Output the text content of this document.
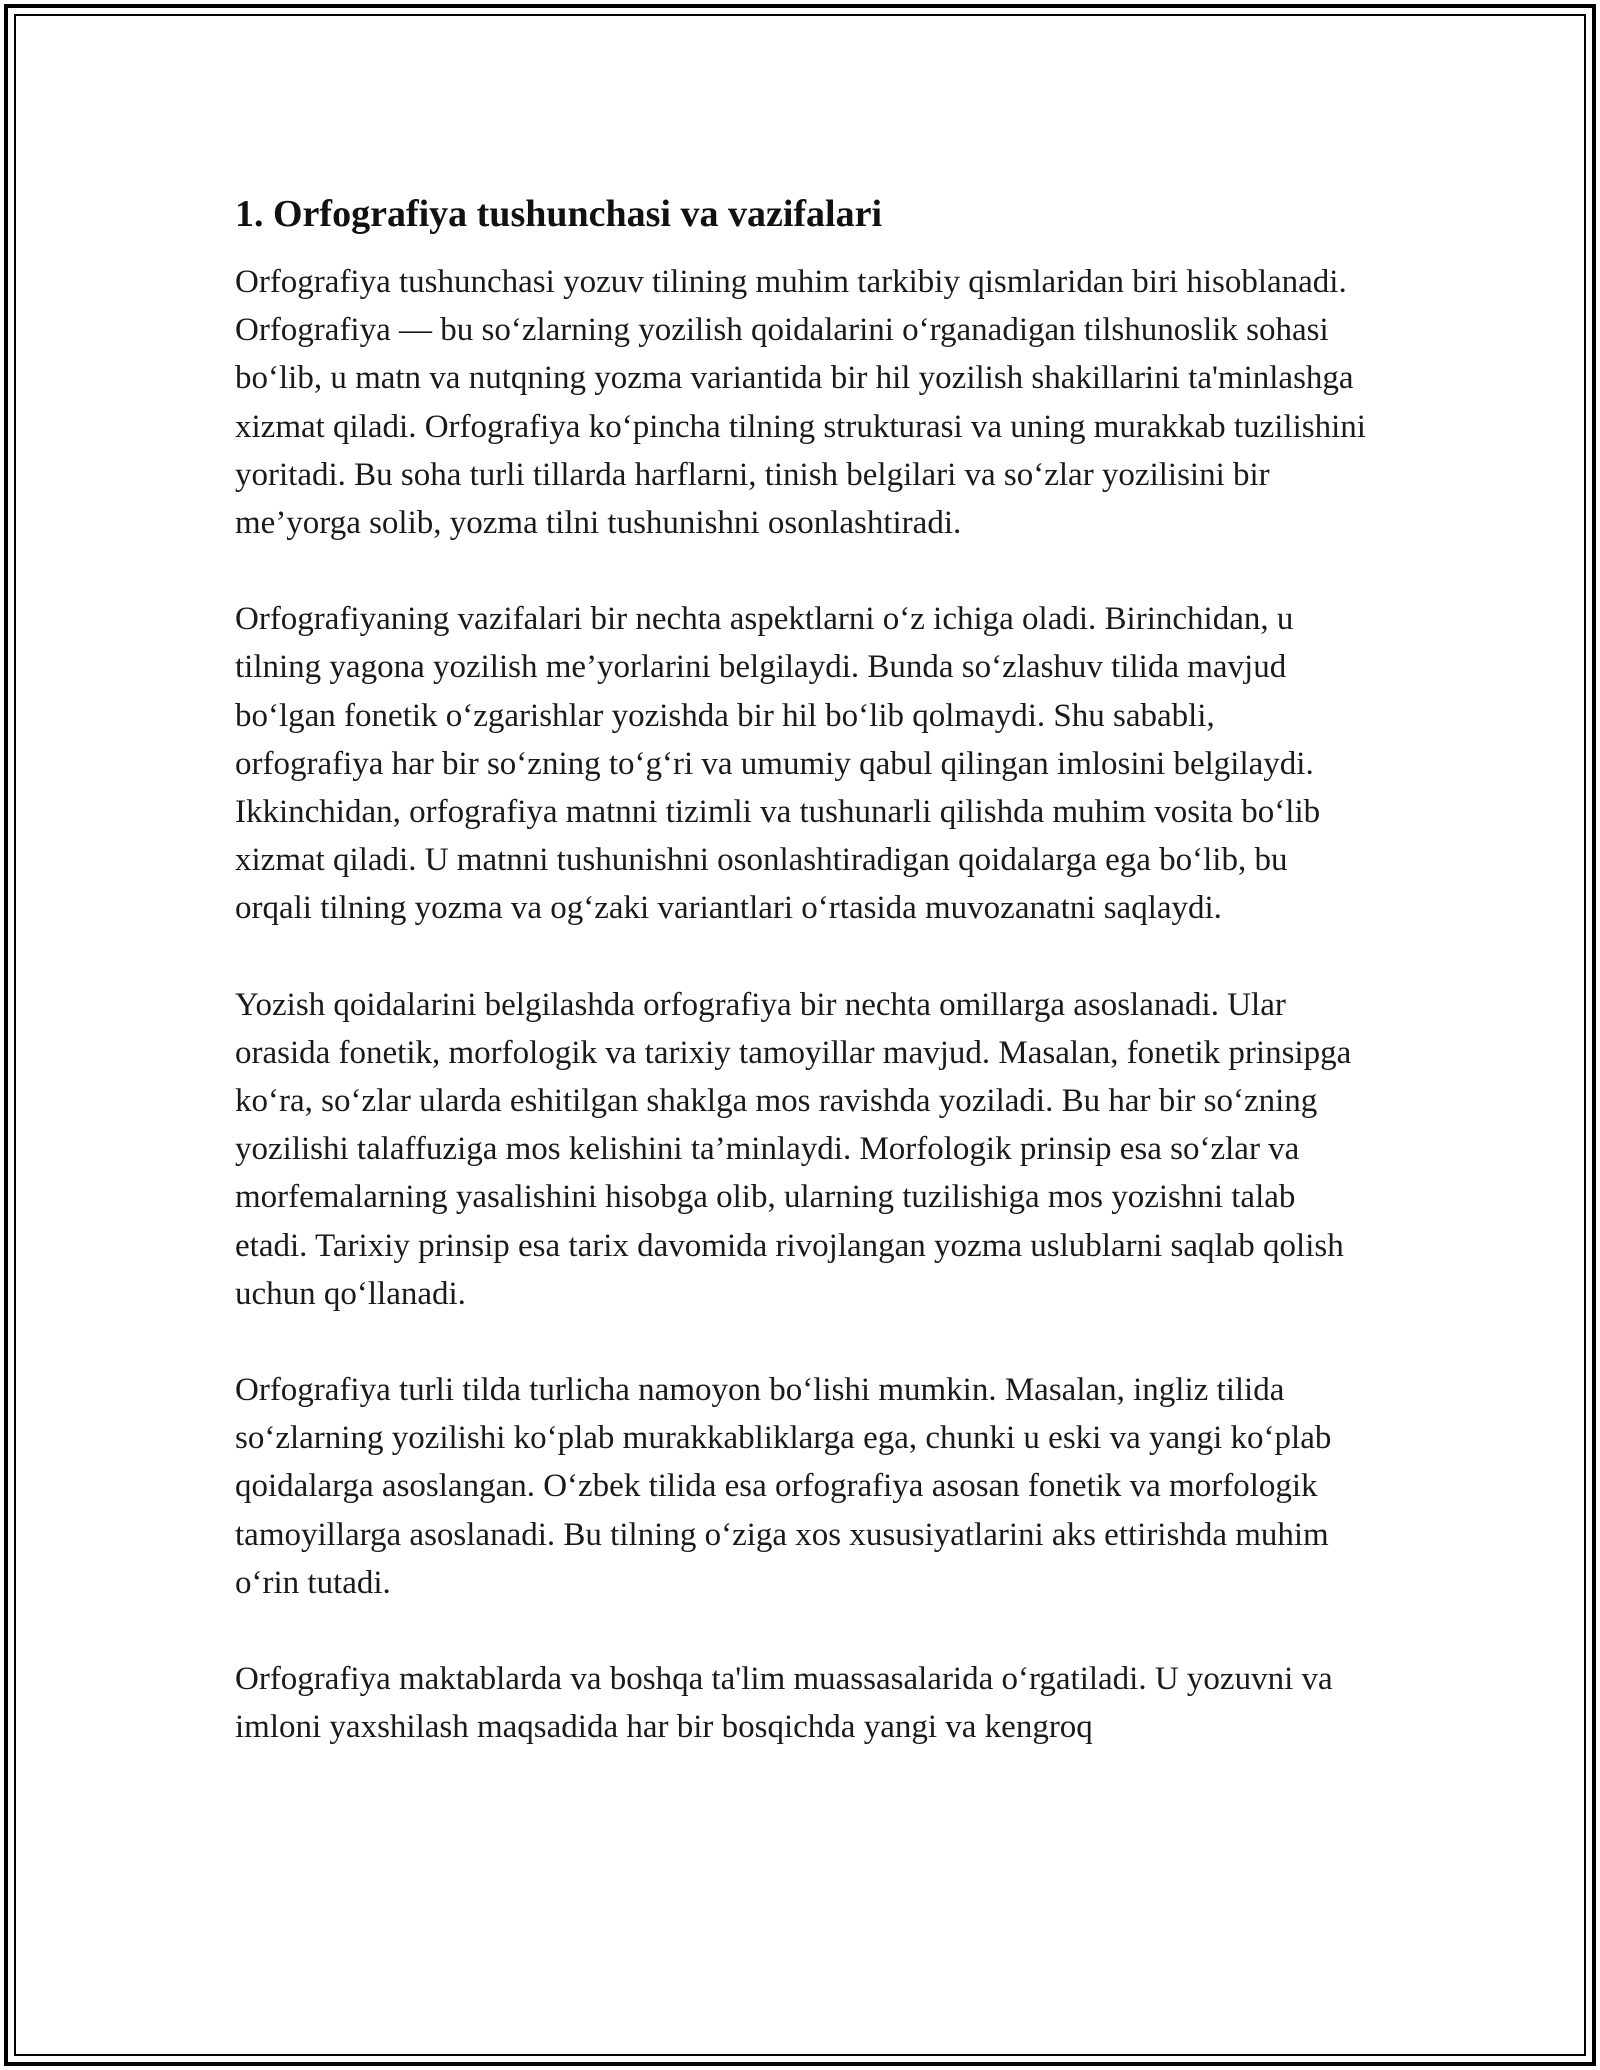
1. Orfografiya tushunchasi va vazifalari

Orfografiya tushunchasi yozuv tilining muhim tarkibiy qismlaridan biri hisoblanadi. Orfografiya — bu so‘zlarning yozilish qoidalarini o‘rganadigan tilshunoslik sohasi bo‘lib, u matn va nutqning yozma variantida bir hil yozilish shakillarini ta'minlashga xizmat qiladi. Orfografiya ko‘pincha tilning strukturasi va uning murakkab tuzilishini yoritadi. Bu soha turli tillarda harflarni, tinish belgilari va so‘zlar yozilisini bir me’yorga solib, yozma tilni tushunishni osonlashtiradi.

Orfografiyaning vazifalari bir nechta aspektlarni o‘z ichiga oladi. Birinchidan, u tilning yagona yozilish me’yorlarini belgilaydi. Bunda so‘zlashuv tilida mavjud bo‘lgan fonetik o‘zgarishlar yozishda bir hil bo‘lib qolmaydi. Shu sababli, orfografiya har bir so‘zning to‘g‘ri va umumiy qabul qilingan imlosini belgilaydi. Ikkinchidan, orfografiya matnni tizimli va tushunarli qilishda muhim vosita bo‘lib xizmat qiladi. U matnni tushunishni osonlashtiradigan qoidalarga ega bo‘lib, bu orqali tilning yozma va og‘zaki variantlari o‘rtasida muvozanatni saqlaydi.

Yozish qoidalarini belgilashda orfografiya bir nechta omillarga asoslanadi. Ular orasida fonetik, morfologik va tarixiy tamoyillar mavjud. Masalan, fonetik prinsipga ko‘ra, so‘zlar ularda eshitilgan shaklga mos ravishda yoziladi. Bu har bir so‘zning yozilishi talaffuziga mos kelishini ta’minlaydi. Morfologik prinsip esa so‘zlar va morfemalarning yasalishini hisobga olib, ularning tuzilishiga mos yozishni talab etadi. Tarixiy prinsip esa tarix davomida rivojlangan yozma uslublarni saqlab qolish uchun qo‘llanadi.

Orfografiya turli tilda turlicha namoyon bo‘lishi mumkin. Masalan, ingliz tilida so‘zlarning yozilishi ko‘plab murakkabliklarga ega, chunki u eski va yangi ko‘plab qoidalarga asoslangan. O‘zbek tilida esa orfografiya asosan fonetik va morfologik tamoyillarga asoslanadi. Bu tilning o‘ziga xos xususiyatlarini aks ettirishda muhim o‘rin tutadi.

Orfografiya maktablarda va boshqa ta'lim muassasalarida o‘rgatiladi. U yozuvni va imloni yaxshilash maqsadida har bir bosqichda yangi va kengroq
